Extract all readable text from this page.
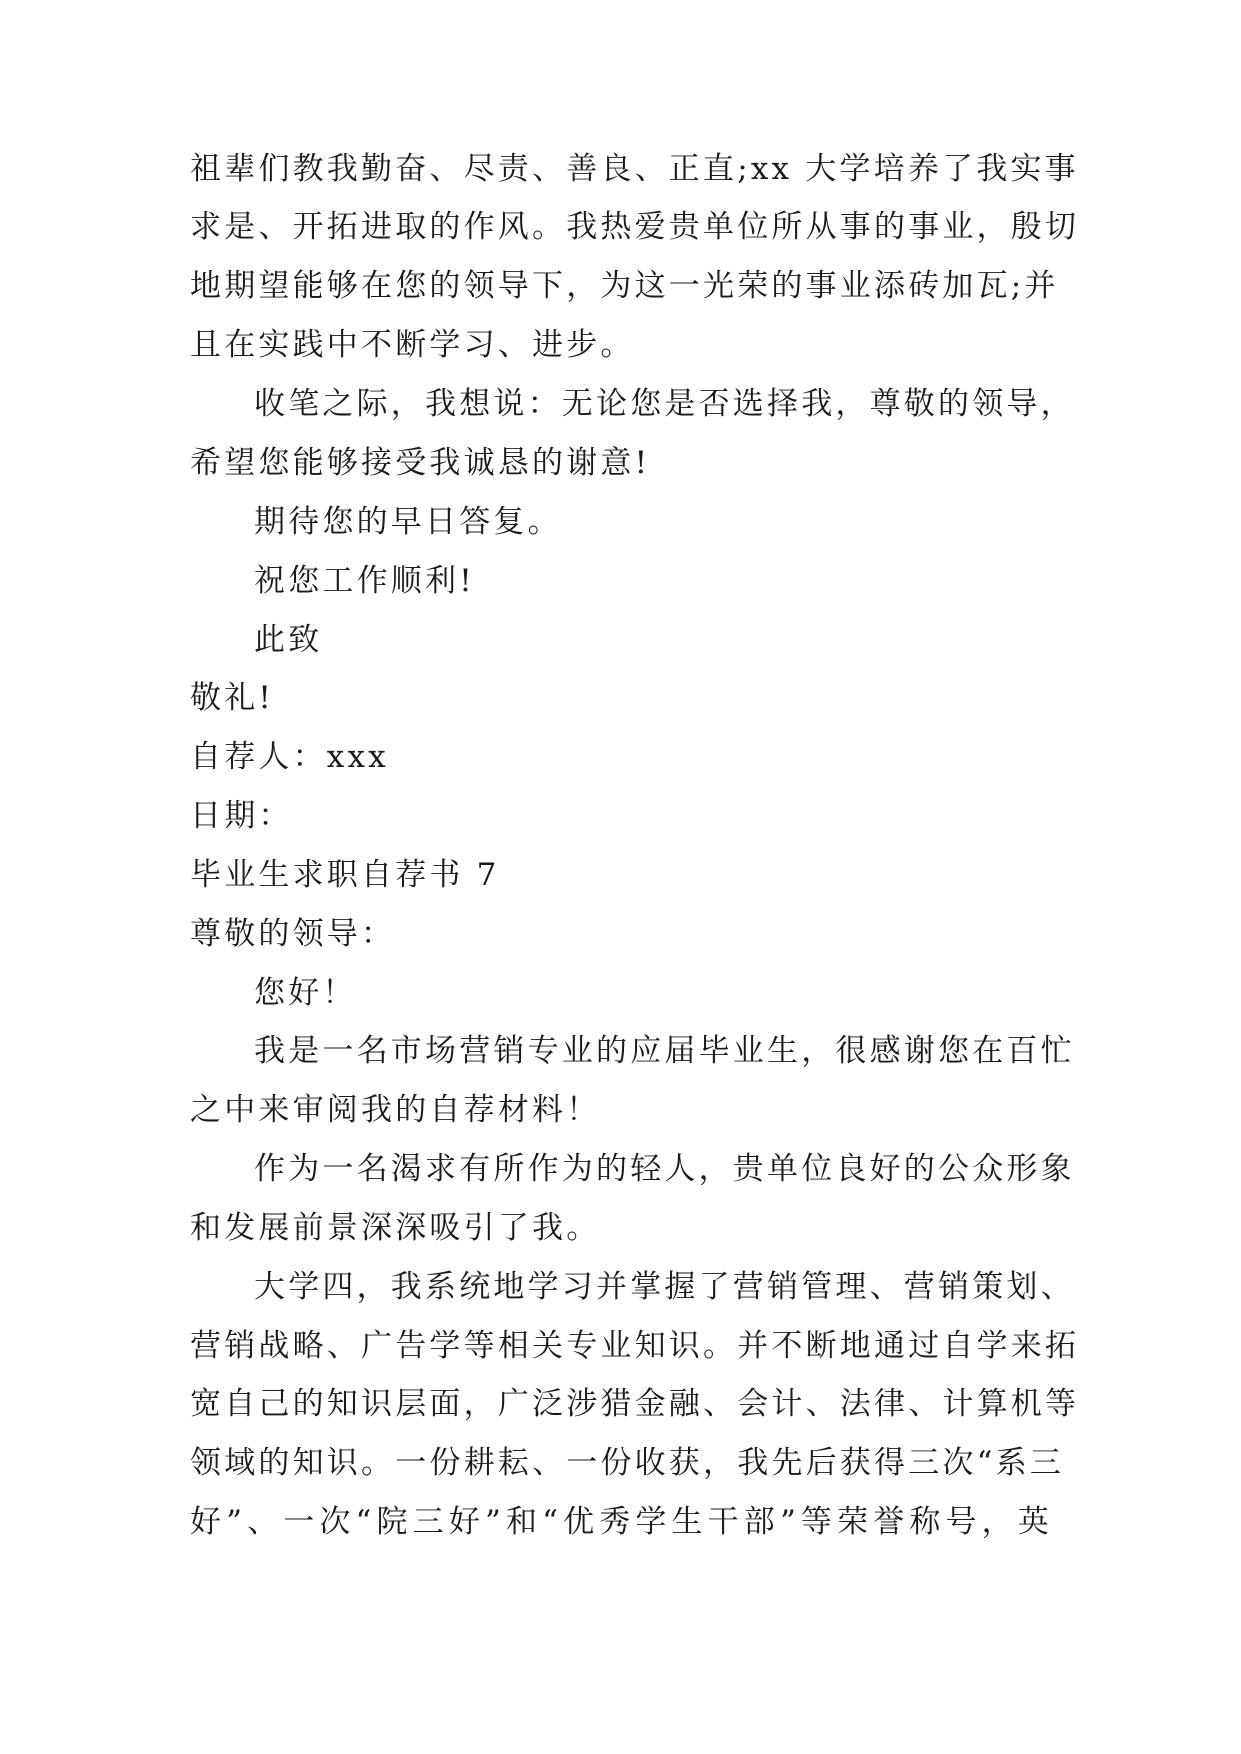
祖辈们教我勤奋、尽责、善良、正直;xx 大学培养了我实事
求是、开拓进取的作风。我热爱贵单位所从事的事业，殷切
地期望能够在您的领导下，为这一光荣的事业添砖加瓦;并
且在实践中不断学习、进步。
收笔之际，我想说：无论您是否选择我，尊敬的领导，
希望您能够接受我诚恳的谢意!
期待您的早日答复。
祝您工作顺利!
此致
敬礼!
自荐人：xxx
日期：
毕业生求职自荐书 7
尊敬的领导：
您好！
我是一名市场营销专业的应届毕业生，很感谢您在百忙
之中来审阅我的自荐材料！
作为一名渴求有所作为的轻人，贵单位良好的公众形象
和发展前景深深吸引了我。
大学四，我系统地学习并掌握了营销管理、营销策划、
营销战略、广告学等相关专业知识。并不断地通过自学来拓
宽自己的知识层面，广泛涉猎金融、会计、法律、计算机等
领域的知识。一份耕耘、一份收获，我先后获得三次“系三
好”、一次“院三好”和“优秀学生干部”等荣誉称号，英
